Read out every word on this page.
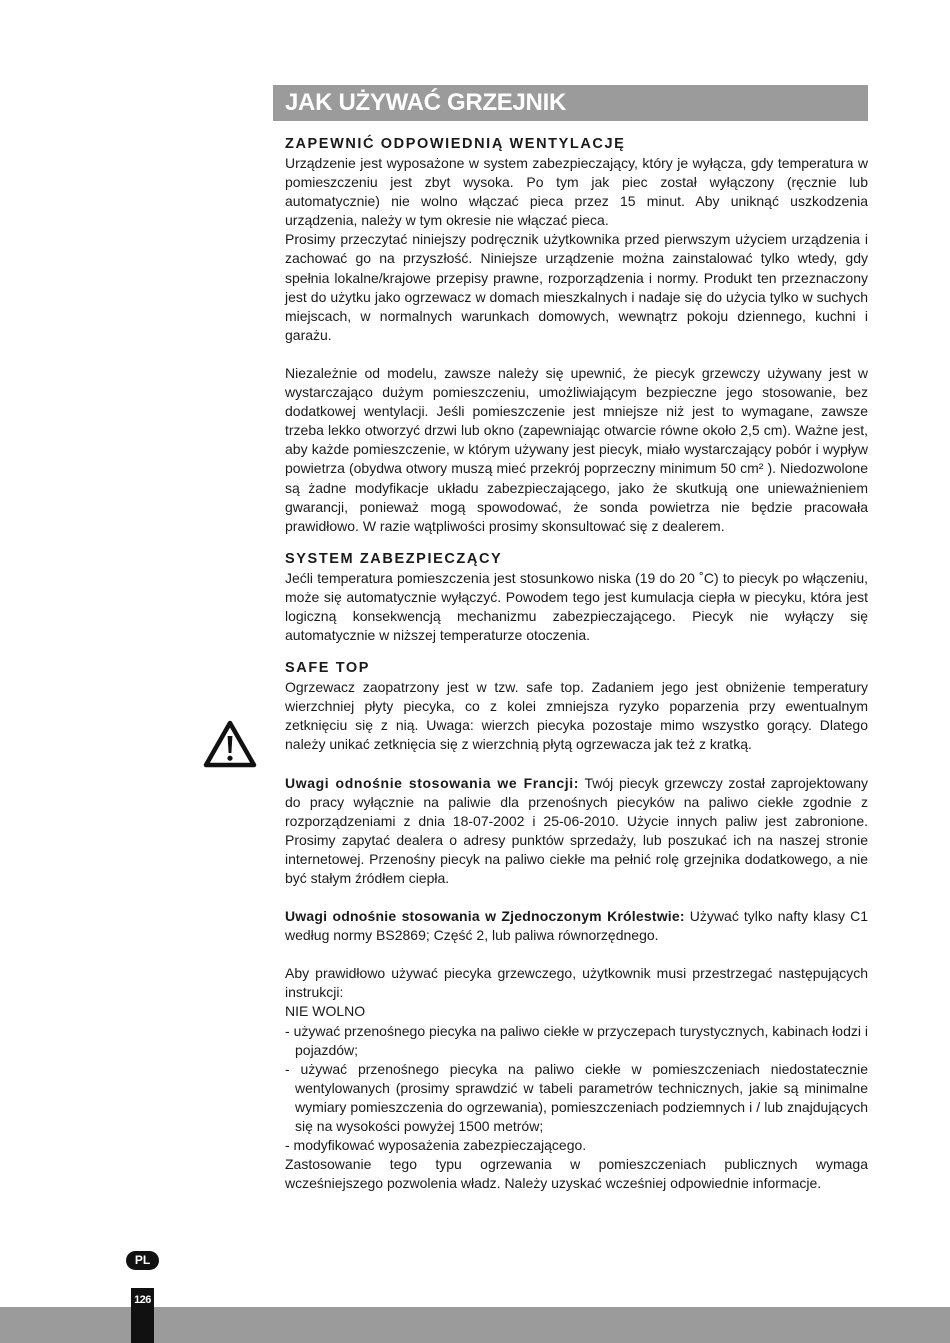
JAK UŻYWAĆ GRZEJNIK
ZAPEWNIĆ ODPOWIEDNIĄ WENTYLACJĘ

Urządzenie jest wyposażone w system zabezpieczający, który je wyłącza, gdy temperatura w pomieszczeniu jest zbyt wysoka. Po tym jak piec został wyłączony (ręcznie lub automatycznie) nie wolno włączać pieca przez 15 minut. Aby uniknąć uszkodzenia urządzenia, należy w tym okresie nie włączać pieca.

Prosimy przeczytać niniejszy podręcznik użytkownika przed pierwszym użyciem urządzenia i zachować go na przyszłość. Niniejsze urządzenie można zainstalować tylko wtedy, gdy spełnia lokalne/krajowe przepisy prawne, rozporządzenia i normy. Produkt ten przeznaczony jest do użytku jako ogrzewacz w domach mieszkalnych i nadaje się do użycia tylko w suchych miejscach, w normalnych warunkach domowych, wewnątrz pokoju dziennego, kuchni i garażu.

Niezależnie od modelu, zawsze należy się upewnić, że piecyk grzewczy używany jest w wystarczająco dużym pomieszczeniu, umożliwiającym bezpieczne jego stosowanie, bez dodatkowej wentylacji. Jeśli pomieszczenie jest mniejsze niż jest to wymagane, zawsze trzeba lekko otworzyć drzwi lub okno (zapewniając otwarcie równe około 2,5 cm). Ważne jest, aby każde pomieszczenie, w którym używany jest piecyk, miało wystarczający pobór i wypływ powietrza (obydwa otwory muszą mieć przekrój poprzeczny minimum 50 cm² ). Niedozwolone są żadne modyfikacje układu zabezpieczającego, jako że skutkują one unieważnieniem gwarancji, ponieważ mogą spowodować, że sonda powietrza nie będzie pracowała prawidłowo. W razie wątpliwości prosimy skonsultować się z dealerem.

SYSTEM ZABEZPIECZĄCY

Jećli temperatura pomieszczenia jest stosunkowo niska (19 do 20 ˚C) to piecyk po włączeniu, może się automatycznie wyłączyć. Powodem tego jest kumulacja ciepła w piecyku, która jest logiczną konsekwencją mechanizmu zabezpieczającego. Piecyk nie wyłączy się automatycznie w niższej temperaturze otoczenia.

SAFE TOP

Ogrzewacz zaopatrzony jest w tzw. safe top. Zadaniem jego jest obniżenie temperatury wierzchniej płyty piecyka, co z kolei zmniejsza ryzyko poparzenia przy ewentualnym zetknięciu się z nią. Uwaga: wierzch piecyka pozostaje mimo wszystko gorący. Dlatego należy unikać zetknięcia się z wierzchnią płytą ogrzewacza jak też z kratką.

Uwagi odnośnie stosowania we Francji: Twój piecyk grzewczy został zaprojektowany do pracy wyłącznie na paliwie dla przenośnych piecyków na paliwo ciekłe zgodnie z rozporządzeniami z dnia 18-07-2002 i 25-06-2010. Użycie innych paliw jest zabronione. Prosimy zapytać dealera o adresy punktów sprzedaży, lub poszukać ich na naszej stronie internetowej. Przenośny piecyk na paliwo ciekłe ma pełnić rolę grzejnika dodatkowego, a nie być stałym źródłem ciepła.

Uwagi odnośnie stosowania w Zjednoczonym Królestwie: Używać tylko nafty klasy C1 według normy BS2869; Część 2, lub paliwa równorzędnego.

Aby prawidłowo używać piecyka grzewczego, użytkownik musi przestrzegać następujących instrukcji:

NIE WOLNO

- używać przenośnego piecyka na paliwo ciekłe w przyczepach turystycznych, kabinach łodzi i pojazdów;
- używać przenośnego piecyka na paliwo ciekłe w pomieszczeniach niedostatecznie wentylowanych (prosimy sprawdzić w tabeli parametrów technicznych, jakie są minimalne wymiary pomieszczenia do ogrzewania), pomieszczeniach podziemnych i / lub znajdujących się na wysokości powyżej 1500 metrów;
- modyfikować wyposażenia zabezpieczającego.

Zastosowanie tego typu ogrzewania w pomieszczeniach publicznych wymaga wcześniejszego pozwolenia władz. Należy uzyskać wcześniej odpowiednie informacje.

PL
126
